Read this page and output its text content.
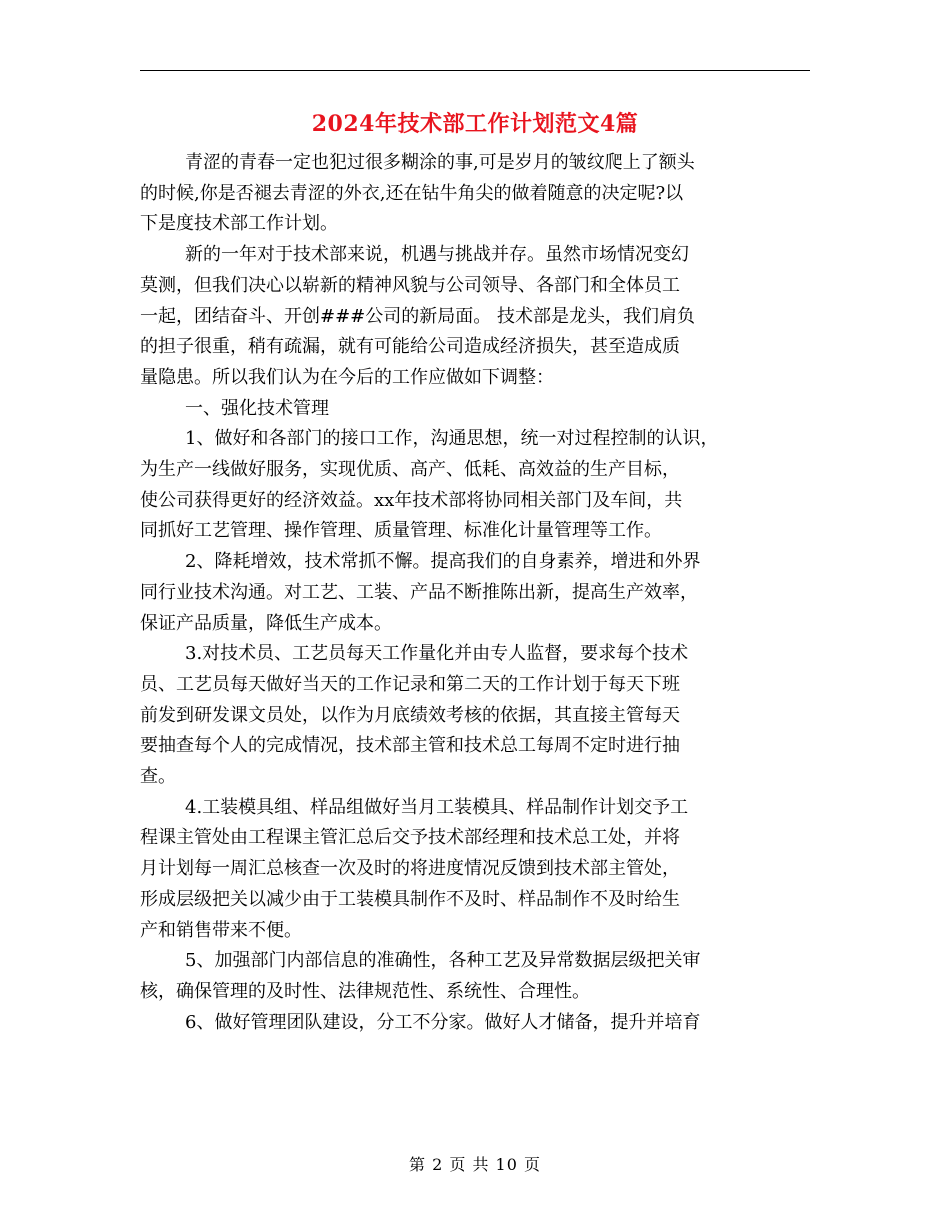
2024年技术部工作计划范文4篇

青涩的青春一定也犯过很多糊涂的事,可是岁月的皱纹爬上了额头

的时候,你是否褪去青涩的外衣,还在钻牛角尖的做着随意的决定呢?以

下是度技术部工作计划。

新的一年对于技术部来说，机遇与挑战并存。虽然市场情况变幻

莫测，但我们决心以崭新的精神风貌与公司领导、各部门和全体员工

一起，团结奋斗、开创###公司的新局面。 技术部是龙头，我们肩负

的担子很重，稍有疏漏，就有可能给公司造成经济损失，甚至造成质

量隐患。所以我们认为在今后的工作应做如下调整：

一、强化技术管理

1、做好和各部门的接口工作，沟通思想，统一对过程控制的认识，

为生产一线做好服务，实现优质、高产、低耗、高效益的生产目标，

使公司获得更好的经济效益。xx年技术部将协同相关部门及车间，共

同抓好工艺管理、操作管理、质量管理、标准化计量管理等工作。

2、降耗增效，技术常抓不懈。提高我们的自身素养，增进和外界

同行业技术沟通。对工艺、工装、产品不断推陈出新，提高生产效率，

保证产品质量，降低生产成本。

3.对技术员、工艺员每天工作量化并由专人监督，要求每个技术

员、工艺员每天做好当天的工作记录和第二天的工作计划于每天下班

前发到研发课文员处，以作为月底绩效考核的依据，其直接主管每天

要抽查每个人的完成情况，技术部主管和技术总工每周不定时进行抽

查。

4.工装模具组、样品组做好当月工装模具、样品制作计划交予工

程课主管处由工程课主管汇总后交予技术部经理和技术总工处，并将

月计划每一周汇总核查一次及时的将进度情况反馈到技术部主管处，

形成层级把关以减少由于工装模具制作不及时、样品制作不及时给生

产和销售带来不便。

5、加强部门内部信息的准确性，各种工艺及异常数据层级把关审

核，确保管理的及时性、法律规范性、系统性、合理性。

6、做好管理团队建设，分工不分家。做好人才储备，提升并培育

第 2 页 共 10 页
